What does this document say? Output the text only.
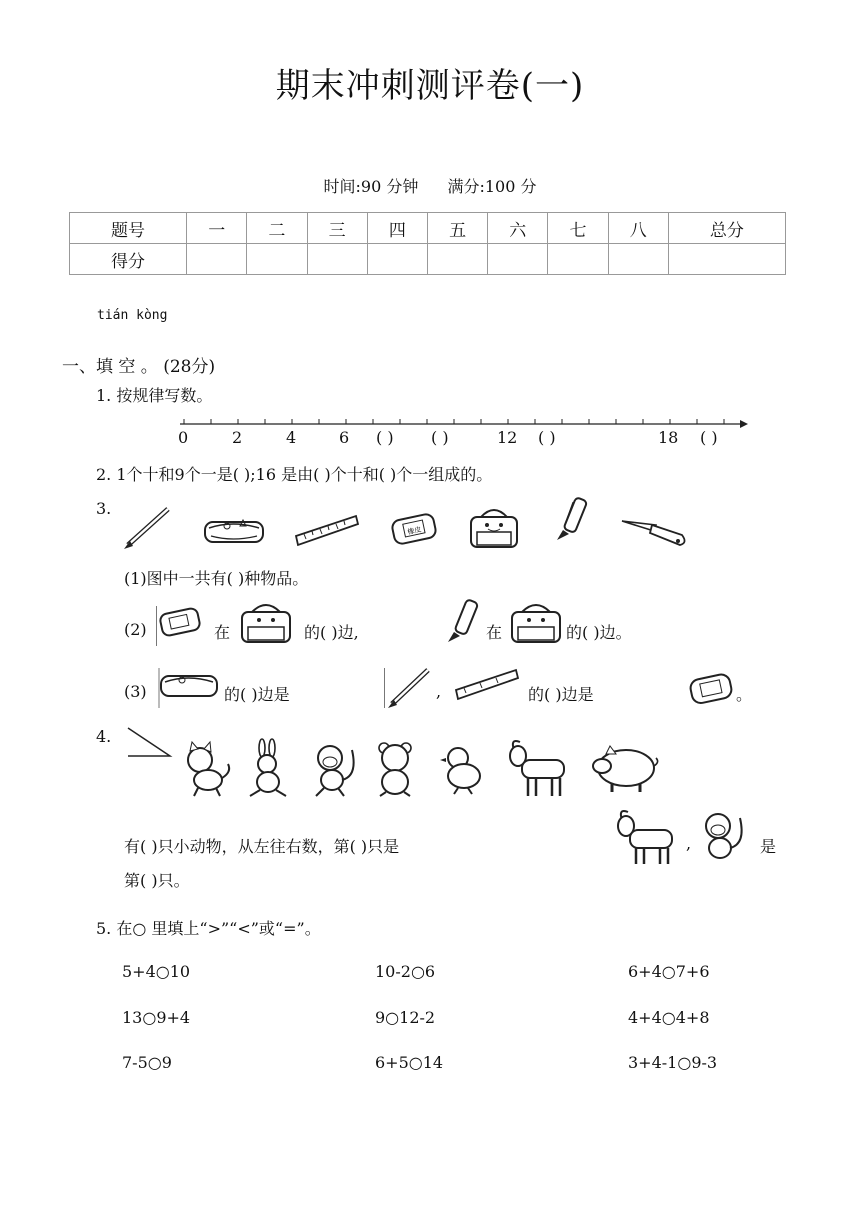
期末冲刺测评卷(一)
时间:90 分钟 满分:100 分
题号	一	二	三	四	五	六	七	八	总分
得分									
tián kòng
一、填 空 。 (28分)
1. 按规律写数。
0	2	4	6 ( ) ( )	12 ( )	18 ( )
2. 1个十和9个一是( );16 是由( )个十和( )个一组成的。
3.
橡皮
(1)图中一共有( )种物品。
(2)	在	的( )边,	在	的( )边。
(3)	的( )边是	,	的( )边是	。
4.
有( )只小动物，从左往右数，第( )只是	,	是
第( )只。
5. 在○ 里填上“>”“<”或“=”。
5+4○10	10-2○6	6+4○7+6
13○9+4	9○12-2	4+4○4+8
7-5○9	6+5○14	3+4-1○9-3
